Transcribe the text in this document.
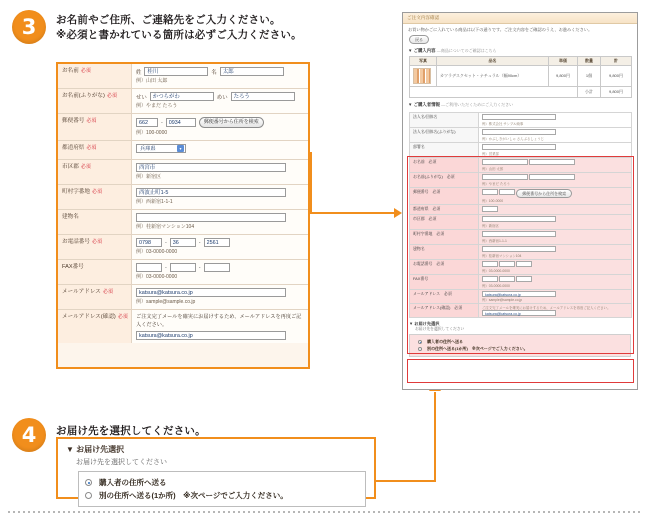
3	お名前やご住所、ご連絡先をご入力ください。
※必須と書かれている箇所は必ずご入力ください。
お名前 必須	姓	桂川	名	太郎
例）山田 太郎
お名前(ふりがな) 必須	せい	かつらがわ	めい	たろう
例）やまだ たろう
郵便番号 必須	662	-	0934	郵便番号から住所を検索
例）100-0000
都道府県 必須	兵庫県	▾
市区郡 必須	西宮市
例）新宿区
町村字番地 必須	西波止町1-5
例）西新宿1-1-1
建物名
例）桂新宿マンション104
お電話番号 必須	0798	-	36	-	2561
例）03-0000-0000
FAX番号	-	-
例）03-0000-0000
メールアドレス 必須	katsura@katsura.co.jp
例）sample@sample.co.jp
メールアドレス(確認) 必須	ご注文完了メールを確実にお届けするため、メールアドレスを再度ご記入ください。
katsura@katsura.co.jp
4	お届け先を選択してください。
▼ お届け先選択
お届け先を選択してください
購入者の住所へ送る
別の住所へ送る(1か所)　※次ページでご入力ください。
ご注文内容確認
お買い物かごに入れている商品は以下の通りです。ご注文内容をご確認のうえ、お進みください。
戻る
▼ ご購入内容 ―商品についてのご確認はこちら
写真	品名	単価	数量	計

	カツラデスクセット・ナチュラル（幅90cm）	9,800円	1個	9,800円
			小計	9,800円
▼ ご購入者情報 ―ご利用いただくためにご入力ください
法人名/団体名	例）株式会社 サンプル商事

法人名/団体名(ふりがな)	例）かぶしきがいしゃ さんぷるしょうじ

部署名	例）営業部

お名前　必須	例）山田 太郎

お名前(ふりがな)　必須	例）やまだ たろう

郵便番号　必須	郵便番号から住所を検索
例）100-0000

都道府県　必須	
市区郡　必須	例）新宿区

町村字番地　必須	例）西新宿1-1-1

建物名	例）桂新宿マンション104

お電話番号　必須	例）03-0000-0000

FAX番号	例）03-0000-0000

メールアドレス　必須	katsura@katsura.co.jp
例）sample@sample.co.jp

メールアドレス(確認)　必須	ご注文完了メールを確実にお届けするため、メールアドレスを再度ご記入ください。
katsura@katsura.co.jp
▼ お届け先選択
お届け先を選択してください
購入者の住所へ送る
別の住所へ送る(1か所)　※次ページでご入力ください。
